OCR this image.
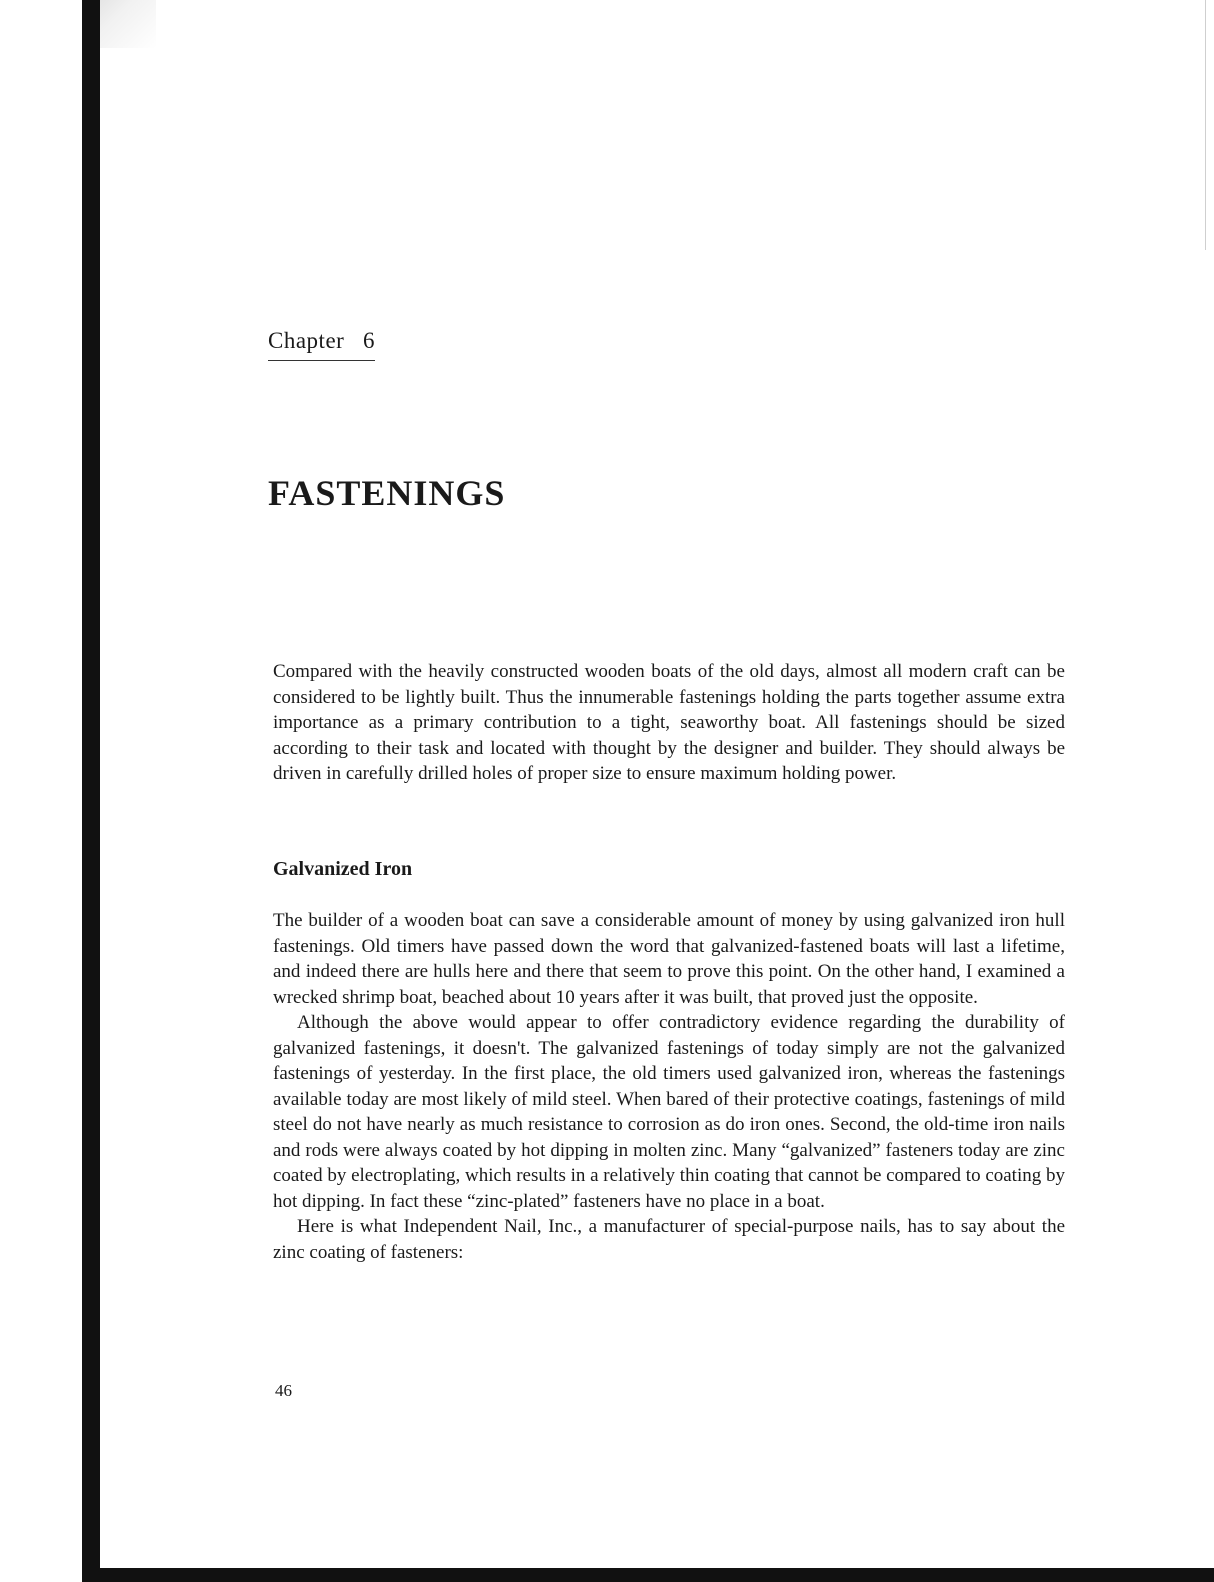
Chapter   6
FASTENINGS

Compared with the heavily constructed wooden boats of the old days, almost all modern craft can be considered to be lightly built. Thus the innumerable fastenings holding the parts together assume extra importance as a primary contribution to a tight, seaworthy boat. All fastenings should be sized according to their task and located with thought by the designer and builder. They should always be driven in carefully drilled holes of proper size to ensure maximum holding power.

Galvanized Iron

The builder of a wooden boat can save a considerable amount of money by using galvanized iron hull fastenings. Old timers have passed down the word that galvanized-fastened boats will last a lifetime, and indeed there are hulls here and there that seem to prove this point. On the other hand, I examined a wrecked shrimp boat, beached about 10 years after it was built, that proved just the opposite.

Although the above would appear to offer contradictory evidence regarding the durability of galvanized fastenings, it doesn't. The galvanized fastenings of today simply are not the galvanized fastenings of yesterday. In the first place, the old timers used galvanized iron, whereas the fastenings available today are most likely of mild steel. When bared of their protective coatings, fastenings of mild steel do not have nearly as much resistance to corrosion as do iron ones. Second, the old-time iron nails and rods were always coated by hot dipping in molten zinc. Many “galvanized” fasteners today are zinc coated by electroplating, which results in a relatively thin coating that cannot be compared to coating by hot dipping. In fact these “zinc-plated” fasteners have no place in a boat.

Here is what Independent Nail, Inc., a manufacturer of special-purpose nails, has to say about the zinc coating of fasteners:

46
